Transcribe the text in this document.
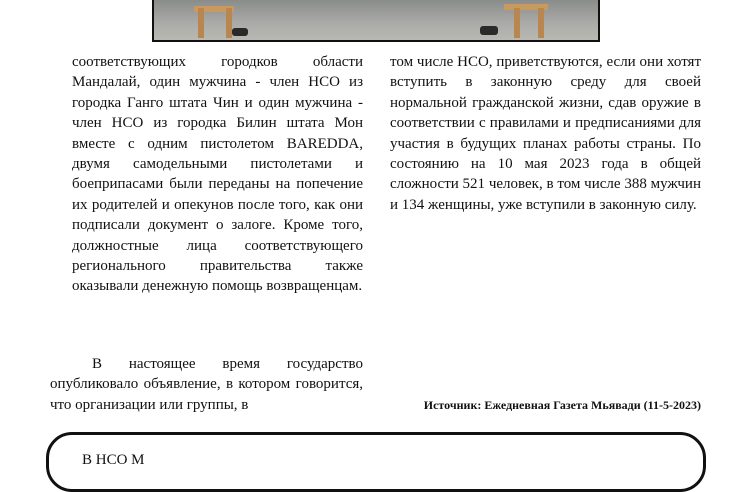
соответствующих городков области Мандалай, один мужчина - член НСО из городка Ганго штата Чин и один мужчина - член НСО из городка Билин штата Мон вместе с одним пистолетом BAREDDA, двумя самодельными пистолетами и боеприпасами были переданы на попечение их родителей и опекунов после того, как они подписали документ о залоге. Кроме того, должностные лица соответствующего регионального правительства также оказывали денежную помощь возвращенцам.

В настоящее время государство опубликовало объявление, в котором говорится, что организации или группы, в

том числе НСО, приветствуются, если они хотят вступить в законную среду для своей нормальной гражданской жизни, сдав оружие в соответствии с правилами и предписаниями для участия в будущих планах работы страны. По состоянию на 10 мая 2023 года в общей сложности 521 человек, в том числе 388 мужчин и 134 женщины, уже вступили в законную силу.

Источник: Ежедневная Газета Мьявади (11-5-2023)
В НСО М
